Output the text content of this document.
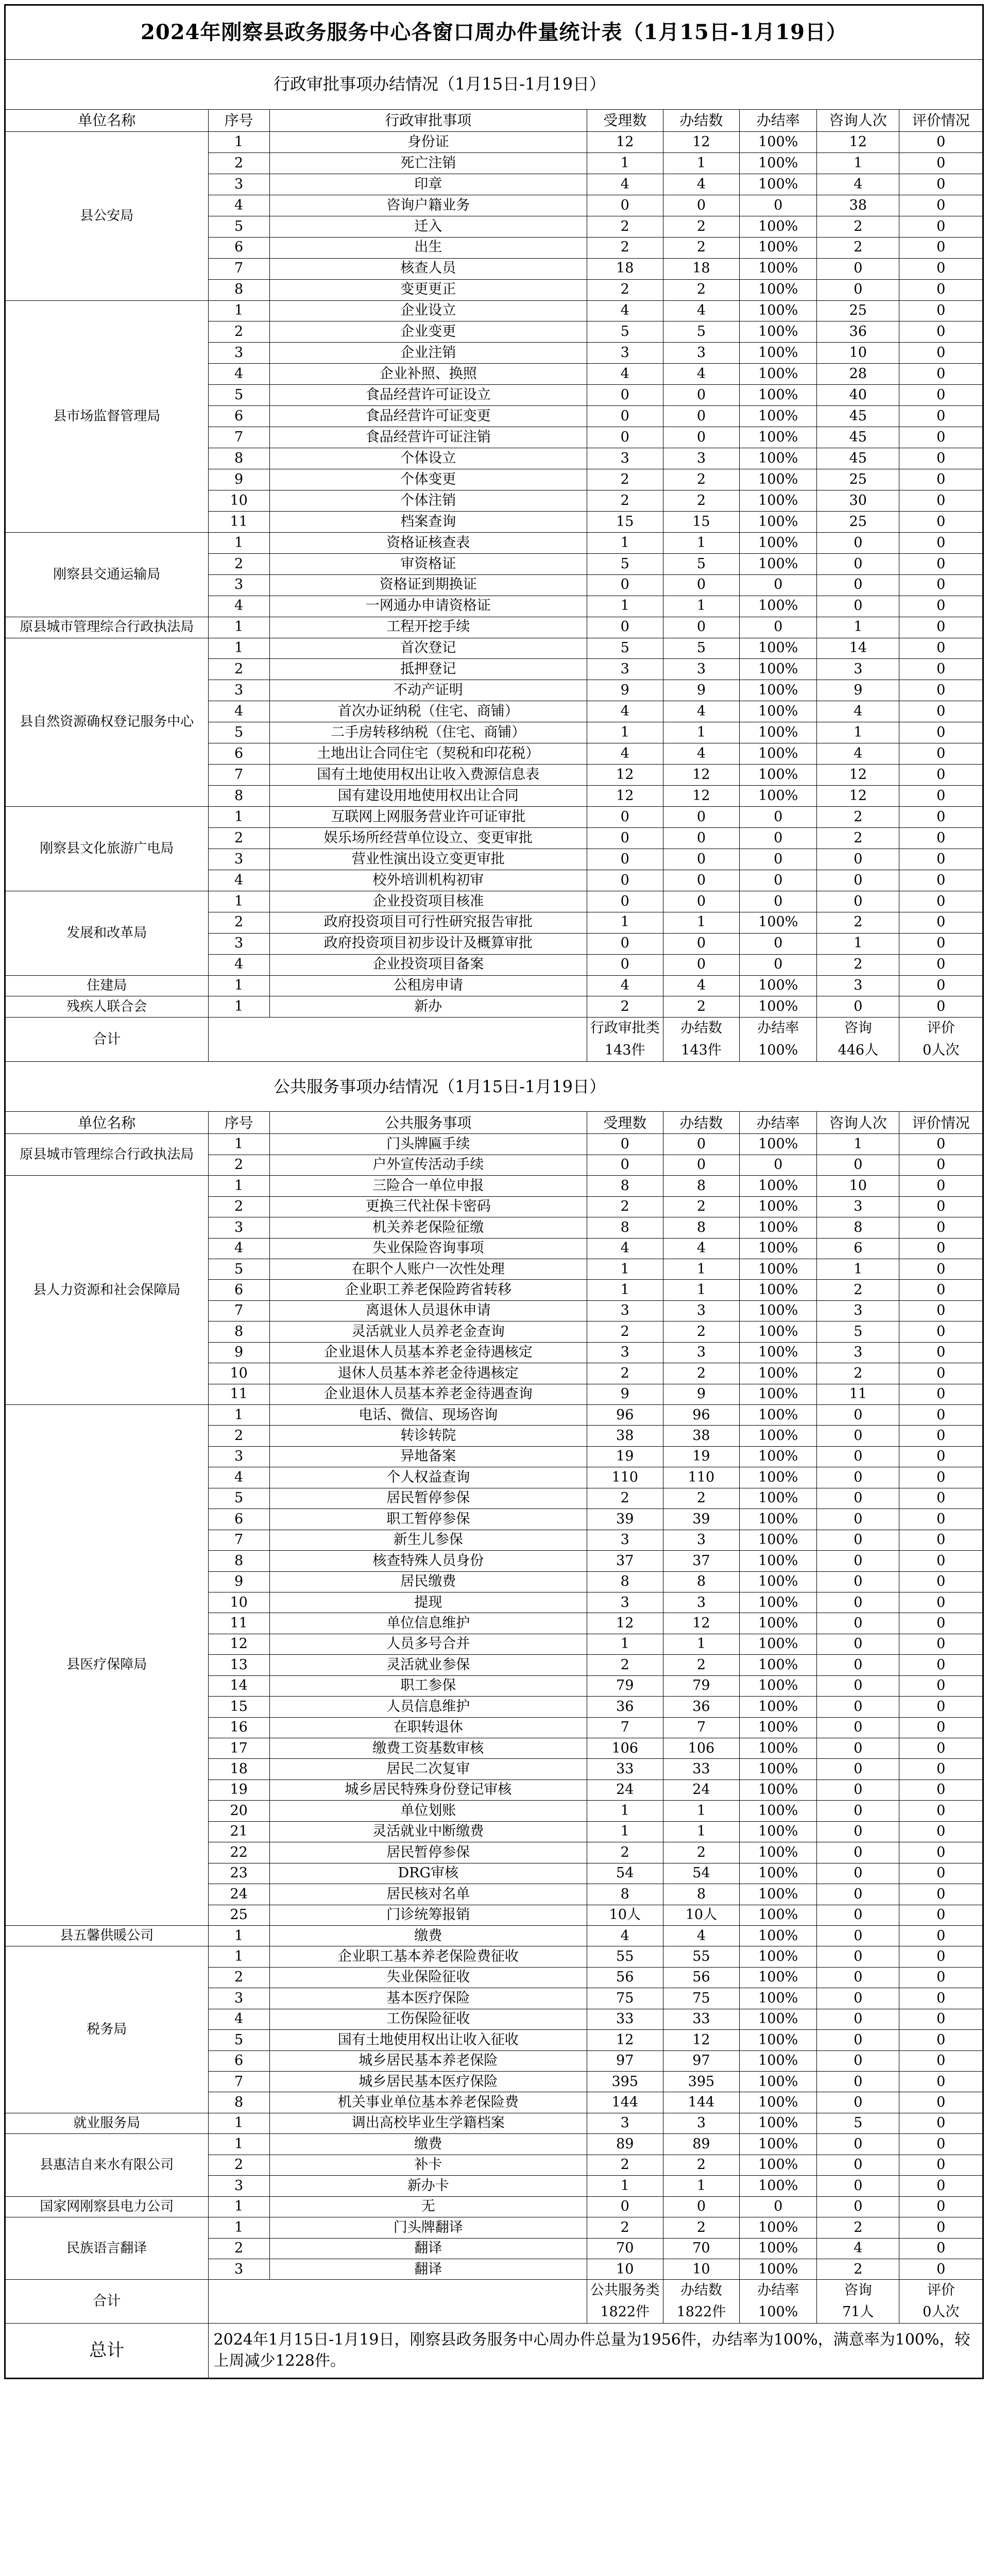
2024年刚察县政务服务中心各窗口周办件量统计表（1月15日-1月19日）							
行政审批事项办结情况（1月15日-1月19日）							
单位名称	序号	行政审批事项	受理数	办结数	办结率	咨询人次	评价情况
县公安局	1	身份证	12	12	100%	12	0
	2	死亡注销	1	1	100%	1	0
	3	印章	4	4	100%	4	0
	4	咨询户籍业务	0	0	0	38	0
	5	迁入	2	2	100%	2	0
	6	出生	2	2	100%	2	0
	7	核查人员	18	18	100%	0	0
	8	变更更正	2	2	100%	0	0
县市场监督管理局	1	企业设立	4	4	100%	25	0
	2	企业变更	5	5	100%	36	0
	3	企业注销	3	3	100%	10	0
	4	企业补照、换照	4	4	100%	28	0
	5	食品经营许可证设立	0	0	100%	40	0
	6	食品经营许可证变更	0	0	100%	45	0
	7	食品经营许可证注销	0	0	100%	45	0
	8	个体设立	3	3	100%	45	0
	9	个体变更	2	2	100%	25	0
	10	个体注销	2	2	100%	30	0
	11	档案查询	15	15	100%	25	0
刚察县交通运输局	1	资格证核查表	1	1	100%	0	0
	2	审资格证	5	5	100%	0	0
	3	资格证到期换证	0	0	0	0	0
	4	一网通办申请资格证	1	1	100%	0	0
原县城市管理综合行政执法局	1	工程开挖手续	0	0	0	1	0
县自然资源确权登记服务中心	1	首次登记	5	5	100%	14	0
	2	抵押登记	3	3	100%	3	0
	3	不动产证明	9	9	100%	9	0
	4	首次办证纳税（住宅、商铺）	4	4	100%	4	0
	5	二手房转移纳税（住宅、商铺）	1	1	100%	1	0
	6	土地出让合同住宅（契税和印花税）	4	4	100%	4	0
	7	国有土地使用权出让收入费源信息表	12	12	100%	12	0
	8	国有建设用地使用权出让合同	12	12	100%	12	0
刚察县文化旅游广电局	1	互联网上网服务营业许可证审批	0	0	0	2	0
	2	娱乐场所经营单位设立、变更审批	0	0	0	2	0
	3	营业性演出设立变更审批	0	0	0	0	0
	4	校外培训机构初审	0	0	0	0	0
发展和改革局	1	企业投资项目核准	0	0	0	0	0
	2	政府投资项目可行性研究报告审批	1	1	100%	2	0
	3	政府投资项目初步设计及概算审批	0	0	0	1	0
	4	企业投资项目备案	0	0	0	2	0
住建局	1	公租房申请	4	4	100%	3	0
残疾人联合会	1	新办	2	2	100%	0	0
合计			行政审批类	办结数	办结率	咨询	评价
			143件	143件	100%	446人	0人次
公共服务事项办结情况（1月15日-1月19日）							
单位名称	序号	公共服务事项	受理数	办结数	办结率	咨询人次	评价情况
原县城市管理综合行政执法局	1	门头牌匾手续	0	0	100%	1	0
	2	户外宣传活动手续	0	0	0	0	0
县人力资源和社会保障局	1	三险合一单位申报	8	8	100%	10	0
	2	更换三代社保卡密码	2	2	100%	3	0
	3	机关养老保险征缴	8	8	100%	8	0
	4	失业保险咨询事项	4	4	100%	6	0
	5	在职个人账户一次性处理	1	1	100%	1	0
	6	企业职工养老保险跨省转移	1	1	100%	2	0
	7	离退休人员退休申请	3	3	100%	3	0
	8	灵活就业人员养老金查询	2	2	100%	5	0
	9	企业退休人员基本养老金待遇核定	3	3	100%	3	0
	10	退休人员基本养老金待遇核定	2	2	100%	2	0
	11	企业退休人员基本养老金待遇查询	9	9	100%	11	0
县医疗保障局	1	电话、微信、现场咨询	96	96	100%	0	0
	2	转诊转院	38	38	100%	0	0
	3	异地备案	19	19	100%	0	0
	4	个人权益查询	110	110	100%	0	0
	5	居民暂停参保	2	2	100%	0	0
	6	职工暂停参保	39	39	100%	0	0
	7	新生儿参保	3	3	100%	0	0
	8	核查特殊人员身份	37	37	100%	0	0
	9	居民缴费	8	8	100%	0	0
	10	提现	3	3	100%	0	0
	11	单位信息维护	12	12	100%	0	0
	12	人员多号合并	1	1	100%	0	0
	13	灵活就业参保	2	2	100%	0	0
	14	职工参保	79	79	100%	0	0
	15	人员信息维护	36	36	100%	0	0
	16	在职转退休	7	7	100%	0	0
	17	缴费工资基数审核	106	106	100%	0	0
	18	居民二次复审	33	33	100%	0	0
	19	城乡居民特殊身份登记审核	24	24	100%	0	0
	20	单位划账	1	1	100%	0	0
	21	灵活就业中断缴费	1	1	100%	0	0
	22	居民暂停参保	2	2	100%	0	0
	23	DRG审核	54	54	100%	0	0
	24	居民核对名单	8	8	100%	0	0
	25	门诊统筹报销	10人	10人	100%	0	0
县五馨供暖公司	1	缴费	4	4	100%	0	0
税务局	1	企业职工基本养老保险费征收	55	55	100%	0	0
	2	失业保险征收	56	56	100%	0	0
	3	基本医疗保险	75	75	100%	0	0
	4	工伤保险征收	33	33	100%	0	0
	5	国有土地使用权出让收入征收	12	12	100%	0	0
	6	城乡居民基本养老保险	97	97	100%	0	0
	7	城乡居民基本医疗保险	395	395	100%	0	0
	8	机关事业单位基本养老保险费	144	144	100%	0	0
就业服务局	1	调出高校毕业生学籍档案	3	3	100%	5	0
县惠洁自来水有限公司	1	缴费	89	89	100%	0	0
	2	补卡	2	2	100%	0	0
	3	新办卡	1	1	100%	0	0
国家网刚察县电力公司	1	无	0	0	0	0	0
民族语言翻译	1	门头牌翻译	2	2	100%	2	0
	2	翻译	70	70	100%	4	0
	3	翻译	10	10	100%	2	0
合计			公共服务类	办结数	办结率	咨询	评价
			1822件	1822件	100%	71人	0人次
总计	2024年1月15日-1月19日，刚察县政务服务中心周办件总量为1956件，办结率为100%，满意率为100%，较上周减少1228件。						
